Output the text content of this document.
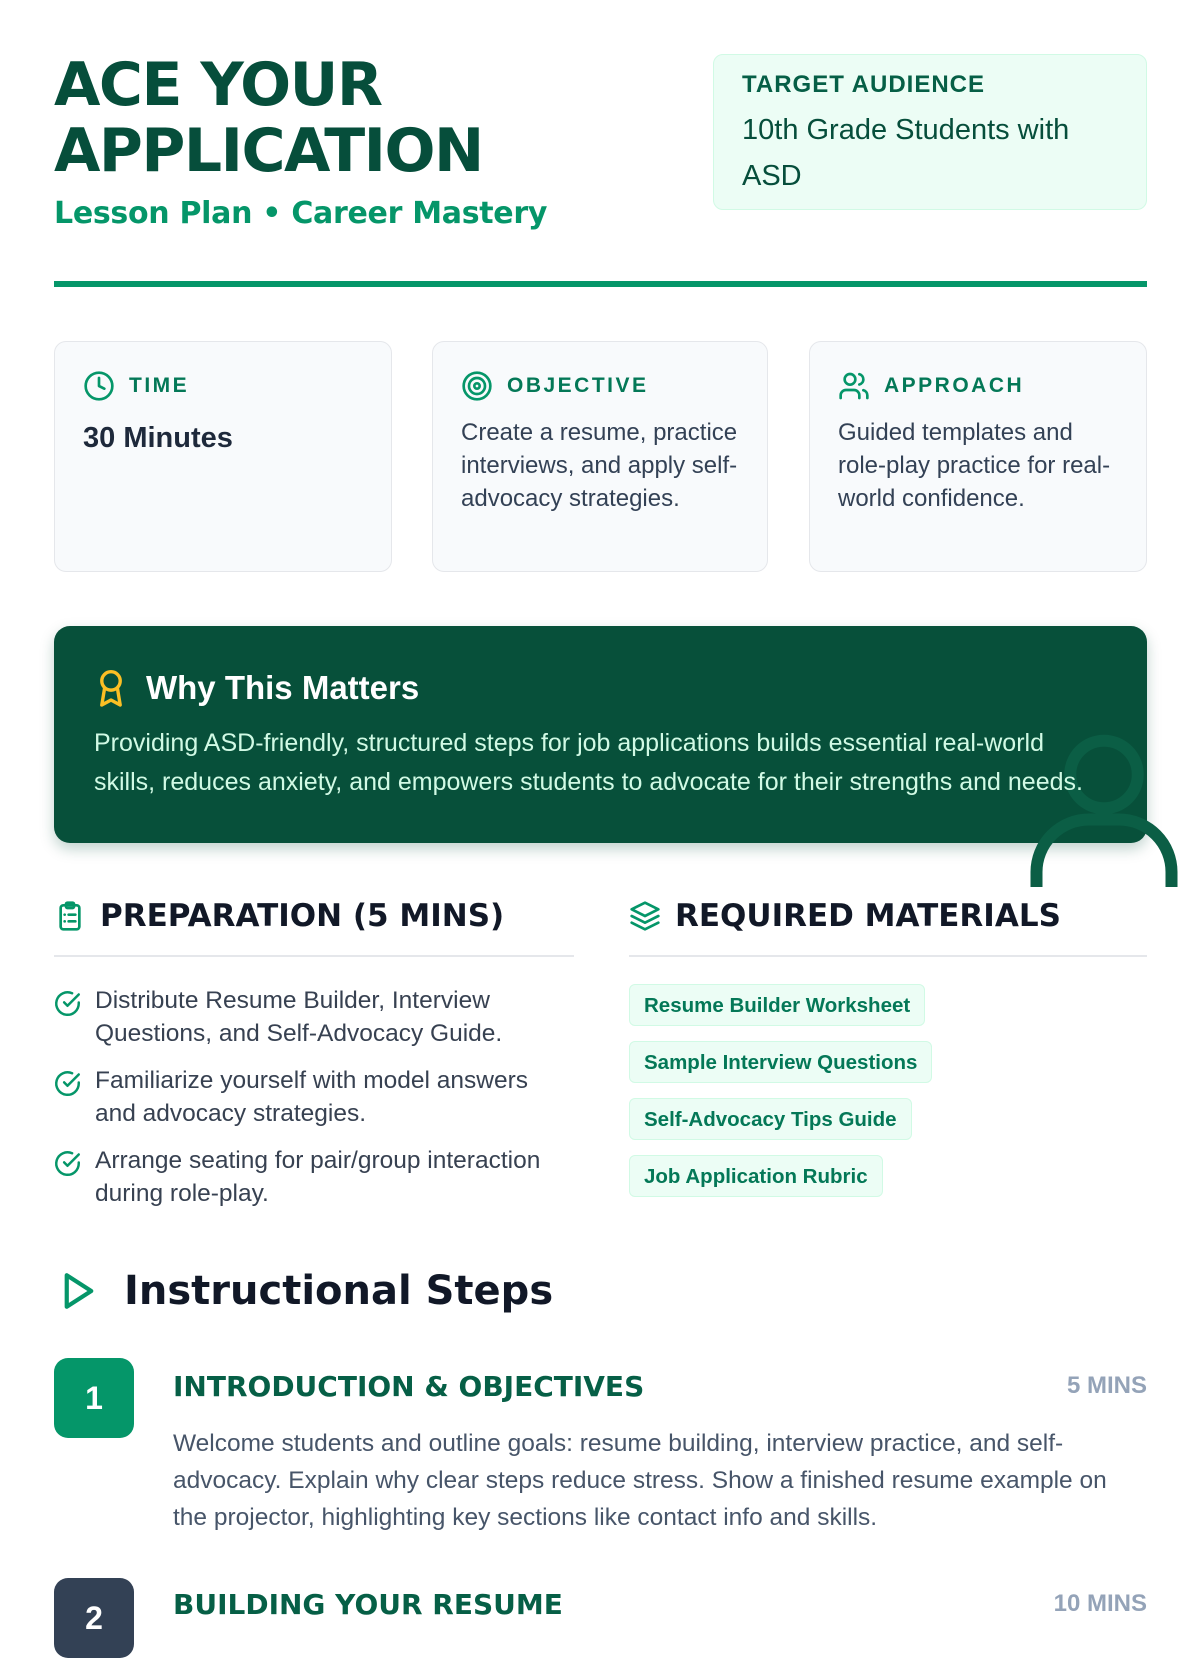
ACE YOUR
APPLICATION
Lesson Plan • Career Mastery
TARGET AUDIENCE
10th Grade Students with ASD
TIME
30 Minutes
OBJECTIVE
Create a resume, practice interviews, and apply self-advocacy strategies.
APPROACH
Guided templates and role-play practice for real-world confidence.
Why This Matters
Providing ASD-friendly, structured steps for job applications builds essential real-world skills, reduces anxiety, and empowers students to advocate for their strengths and needs.
PREPARATION (5 MINS)
Distribute Resume Builder, Interview Questions, and Self-Advocacy Guide.
Familiarize yourself with model answers and advocacy strategies.
Arrange seating for pair/group interaction during role-play.
REQUIRED MATERIALS
Resume Builder Worksheet
Sample Interview Questions
Self-Advocacy Tips Guide
Job Application Rubric
Instructional Steps
1	INTRODUCTION & OBJECTIVES	5 MINS
Welcome students and outline goals: resume building, interview practice, and self-advocacy. Explain why clear steps reduce stress. Show a finished resume example on the projector, highlighting key sections like contact info and skills.
2	BUILDING YOUR RESUME	10 MINS
